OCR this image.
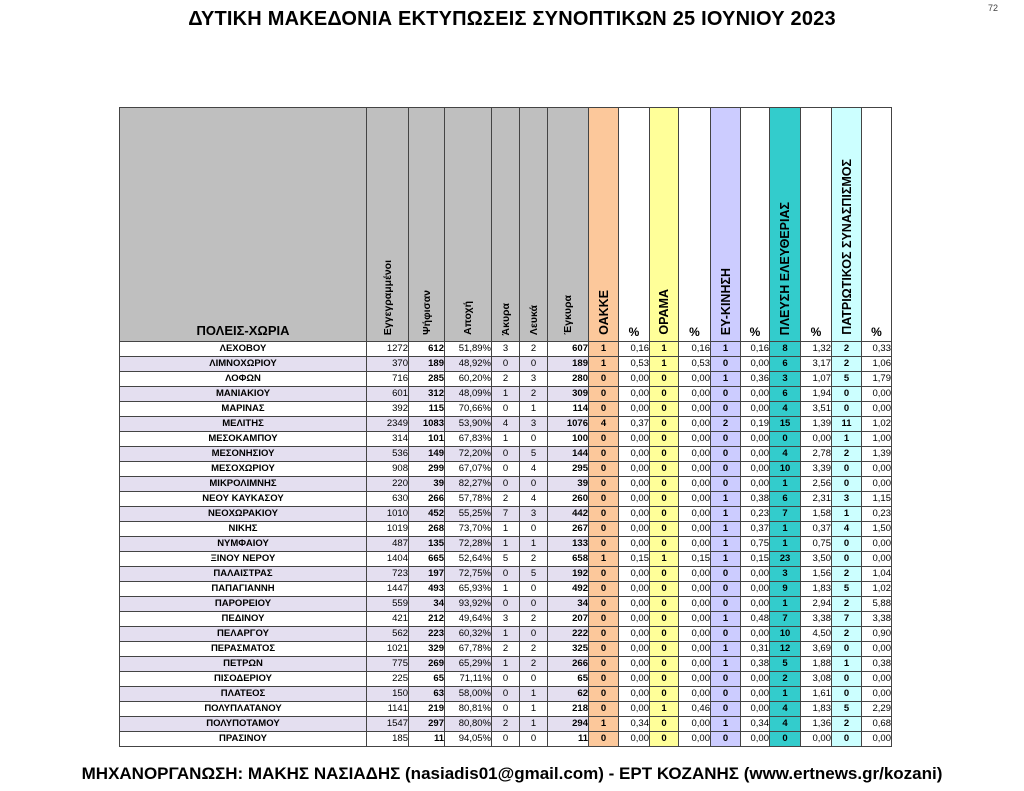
ΔΥΤΙΚΗ ΜΑΚΕΔΟΝΙΑ ΕΚΤΥΠΩΣΕΙΣ ΣΥΝΟΠΤΙΚΩΝ 25 ΙΟΥΝΙΟΥ 2023	72
ΠΟΛΕΙΣ-ΧΩΡΙΑ	Εγγεγραμμένοι	Ψήφισαν	Αποχή	Άκυρα	Λευκά	Έγκυρα	ΟΑΚΚΕ	%	ΟΡΑΜΑ	%	ΕΥ-ΚΙΝΗΣΗ	%	ΠΛΕΥΣΗ ΕΛΕΥΘΕΡΙΑΣ	%	ΠΑΤΡΙΩΤΙΚΟΣ ΣΥΝΑΣΠΙΣΜΟΣ	%
ΛΕΧΟΒΟΥ	1272	612	51,89%	3	2	607	1	0,16	1	0,16	1	0,16	8	1,32	2	0,33
ΛΙΜΝΟΧΩΡΙΟΥ	370	189	48,92%	0	0	189	1	0,53	1	0,53	0	0,00	6	3,17	2	1,06
ΛΟΦΩΝ	716	285	60,20%	2	3	280	0	0,00	0	0,00	1	0,36	3	1,07	5	1,79
ΜΑΝΙΑΚΙΟΥ	601	312	48,09%	1	2	309	0	0,00	0	0,00	0	0,00	6	1,94	0	0,00
ΜΑΡΙΝΑΣ	392	115	70,66%	0	1	114	0	0,00	0	0,00	0	0,00	4	3,51	0	0,00
ΜΕΛΙΤΗΣ	2349	1083	53,90%	4	3	1076	4	0,37	0	0,00	2	0,19	15	1,39	11	1,02
ΜΕΣΟΚΑΜΠΟΥ	314	101	67,83%	1	0	100	0	0,00	0	0,00	0	0,00	0	0,00	1	1,00
ΜΕΣΟΝΗΣΙΟΥ	536	149	72,20%	0	5	144	0	0,00	0	0,00	0	0,00	4	2,78	2	1,39
ΜΕΣΟΧΩΡΙΟΥ	908	299	67,07%	0	4	295	0	0,00	0	0,00	0	0,00	10	3,39	0	0,00
ΜΙΚΡΟΛΙΜΝΗΣ	220	39	82,27%	0	0	39	0	0,00	0	0,00	0	0,00	1	2,56	0	0,00
ΝΕΟΥ ΚΑΥΚΑΣΟΥ	630	266	57,78%	2	4	260	0	0,00	0	0,00	1	0,38	6	2,31	3	1,15
ΝΕΟΧΩΡΑΚΙΟΥ	1010	452	55,25%	7	3	442	0	0,00	0	0,00	1	0,23	7	1,58	1	0,23
ΝΙΚΗΣ	1019	268	73,70%	1	0	267	0	0,00	0	0,00	1	0,37	1	0,37	4	1,50
ΝΥΜΦΑΙΟΥ	487	135	72,28%	1	1	133	0	0,00	0	0,00	1	0,75	1	0,75	0	0,00
ΞΙΝΟΥ ΝΕΡΟΥ	1404	665	52,64%	5	2	658	1	0,15	1	0,15	1	0,15	23	3,50	0	0,00
ΠΑΛΑΙΣΤΡΑΣ	723	197	72,75%	0	5	192	0	0,00	0	0,00	0	0,00	3	1,56	2	1,04
ΠΑΠΑΓΙΑΝΝΗ	1447	493	65,93%	1	0	492	0	0,00	0	0,00	0	0,00	9	1,83	5	1,02
ΠΑΡΟΡΕΙΟΥ	559	34	93,92%	0	0	34	0	0,00	0	0,00	0	0,00	1	2,94	2	5,88
ΠΕΔΙΝΟΥ	421	212	49,64%	3	2	207	0	0,00	0	0,00	1	0,48	7	3,38	7	3,38
ΠΕΛΑΡΓΟΥ	562	223	60,32%	1	0	222	0	0,00	0	0,00	0	0,00	10	4,50	2	0,90
ΠΕΡΑΣΜΑΤΟΣ	1021	329	67,78%	2	2	325	0	0,00	0	0,00	1	0,31	12	3,69	0	0,00
ΠΕΤΡΩΝ	775	269	65,29%	1	2	266	0	0,00	0	0,00	1	0,38	5	1,88	1	0,38
ΠΙΣΟΔΕΡΙΟΥ	225	65	71,11%	0	0	65	0	0,00	0	0,00	0	0,00	2	3,08	0	0,00
ΠΛΑΤΕΟΣ	150	63	58,00%	0	1	62	0	0,00	0	0,00	0	0,00	1	1,61	0	0,00
ΠΟΛΥΠΛΑΤΑΝΟΥ	1141	219	80,81%	0	1	218	0	0,00	1	0,46	0	0,00	4	1,83	5	2,29
ΠΟΛΥΠΟΤΑΜΟΥ	1547	297	80,80%	2	1	294	1	0,34	0	0,00	1	0,34	4	1,36	2	0,68
ΠΡΑΣΙΝΟΥ	185	11	94,05%	0	0	11	0	0,00	0	0,00	0	0,00	0	0,00	0	0,00
ΜΗΧΑΝΟΡΓΑΝΩΣΗ: ΜΑΚΗΣ ΝΑΣΙΑΔΗΣ (nasiadis01@gmail.com) - ΕΡΤ ΚΟΖΑΝΗΣ (www.ertnews.gr/kozani)
